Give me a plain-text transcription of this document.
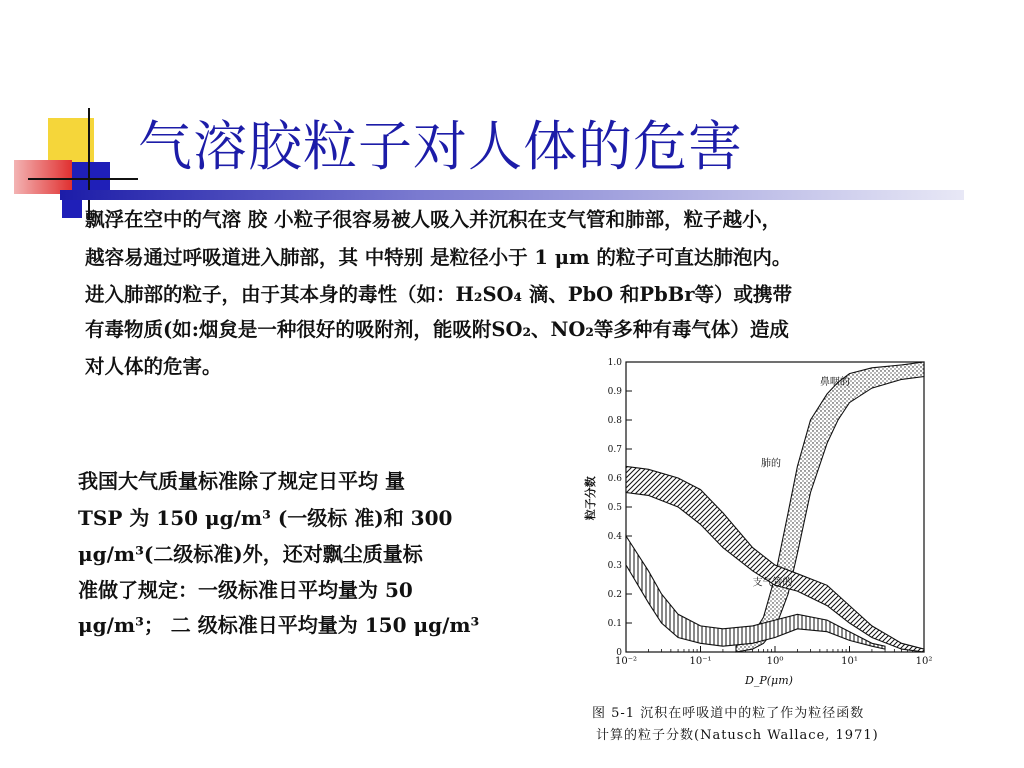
气溶胶粒子对人体的危害
飘浮在空中的气溶 胶 小粒子很容易被人吸入并沉积在支气管和肺部，粒子越小，
越容易通过呼吸道进入肺部，其 中特别 是粒径小于 1 μm 的粒子可直达肺泡内。
进入肺部的粒子，由于其本身的毒性（如：H₂SO₄ 滴、PbO 和PbBr等）或携带
有毒物质(如:烟炱是一种很好的吸附剂，能吸附SO₂、NO₂等多种有毒气体）造成
对人体的危害。
我国大气质量标准除了规定日平均 量
TSP 为 150 μg/m³ (一级标 准)和 300
μg/m³(二级标准)外，还对飘尘质量标
准做了规定：一级标准日平均量为 50
μg/m³； 二 级标准日平均量为 150 μg/m³
0
0.1
0.2
0.3
0.4
0.5
0.6
0.7
0.8
0.9
1.0
10⁻²	10⁻¹	10⁰	10¹	10²
D_P(μm)
粒子分数
鼻咽的
肺的
支气管的
图 5-1 沉积在呼吸道中的粒了作为粒径函数
计算的粒子分数(Natusch Wallace, 1971)
